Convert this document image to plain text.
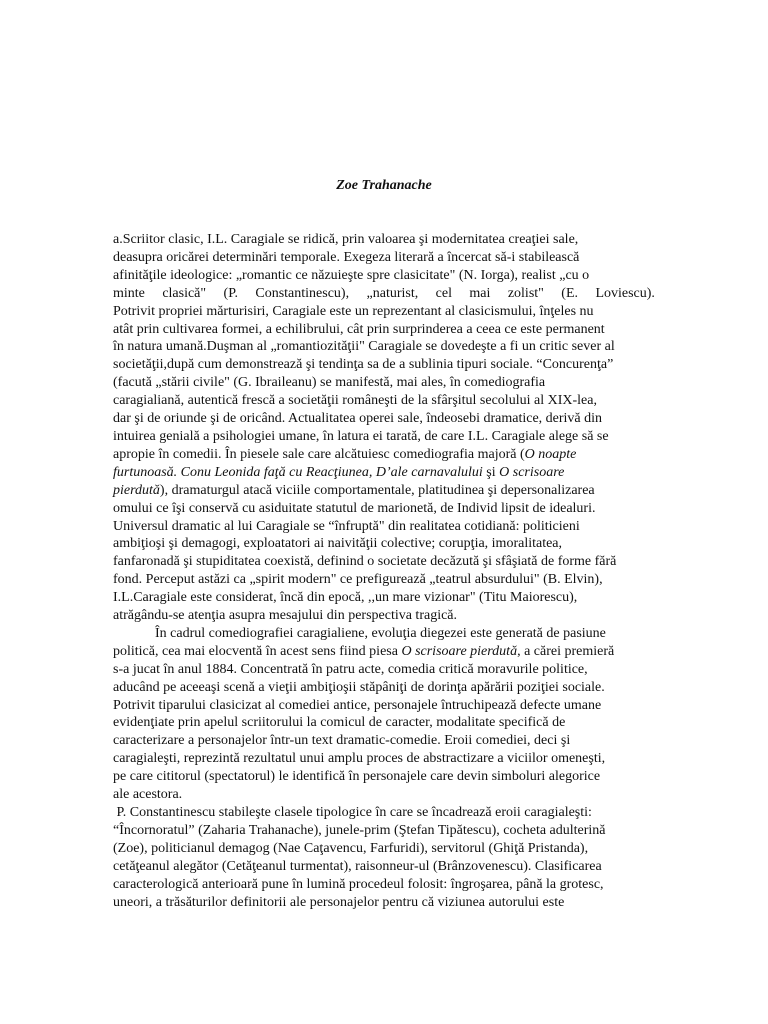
Zoe Trahanache
a.Scriitor clasic, I.L. Caragiale se ridică, prin valoarea şi modernitatea creaţiei sale,
deasupra oricărei determinări temporale. Exegeza literară a încercat să-i stabilească
afinităţile ideologice: „romantic ce năzuieşte spre clasicitate" (N. Iorga), realist „cu o
minte clasică" (P. Constantinescu), „naturist, cel mai zolist" (E. Loviescu).
Potrivit propriei mărturisiri, Caragiale este un reprezentant al clasicismului, înţeles nu
atât prin cultivarea formei, a echilibrului, cât prin surprinderea a ceea ce este permanent
în natura umană.Duşman al „romantiozităţii" Caragiale se dovedeşte a fi un critic sever al
societăţii,după cum demonstrează şi tendinţa sa de a sublinia tipuri sociale. “Concurenţa”
(facută „stării civile" (G. Ibraileanu) se manifestă, mai ales, în comediografia
caragialiană, autentică frescă a societăţii româneşti de la sfârşitul secolului al XIX-lea,
dar şi de oriunde şi de oricând. Actualitatea operei sale, îndeosebi dramatice, derivă din
intuirea genială a psihologiei umane, în latura ei tarată, de care I.L. Caragiale alege să se
apropie în comedii. În piesele sale care alcătuiesc comediografia majoră (O noapte
furtunoasă. Conu Leonida faţă cu Reacţiunea, D’ale carnavalului şi O scrisoare
pierdută), dramaturgul atacă viciile comportamentale, platitudinea şi depersonalizarea
omului ce îşi conservă cu asiduitate statutul de marionetă, de Individ lipsit de idealuri.
Universul dramatic al lui Caragiale se “înfruptă" din realitatea cotidiană: politicieni
ambiţioşi şi demagogi, exploatatori ai naivităţii colective; corupţia, imoralitatea,
fanfaronadă şi stupiditatea coexistă, definind o societate decăzută şi sfâşiată de forme fără
fond. Perceput astăzi ca „spirit modern" ce prefigurează „teatrul absurdului" (B. Elvin),
I.L.Caragiale este considerat, încă din epocă, ,,un mare vizionar" (Titu Maiorescu),
atrăgându-se atenţia asupra mesajului din perspectiva tragică.
În cadrul comediografiei caragialiene, evoluţia diegezei este generată de pasiune
politică, cea mai elocventă în acest sens fiind piesa O scrisoare pierdută, a cărei premieră
s-a jucat în anul 1884. Concentrată în patru acte, comedia critică moravurile politice,
aducând pe aceeaşi scenă a vieţii ambiţioşii stăpâniţi de dorinţa apărării poziţiei sociale.
Potrivit tiparului clasicizat al comediei antice, personajele întruchipează defecte umane
evidenţiate prin apelul scriitorului la comicul de caracter, modalitate specifică de
caracterizare a personajelor într-un text dramatic-comedie. Eroii comediei, deci şi
caragialeşti, reprezintă rezultatul unui amplu proces de abstractizare a viciilor omeneşti,
pe care cititorul (spectatorul) le identifică în personajele care devin simboluri alegorice
ale acestora.
P. Constantinescu stabileşte clasele tipologice în care se încadrează eroii caragialeşti:
“Încornoratul” (Zaharia Trahanache), junele-prim (Ştefan Tipătescu), cocheta adulterină
(Zoe), politicianul demagog (Nae Caţavencu, Farfuridi), servitorul (Ghiţă Pristanda),
cetăţeanul alegător (Cetăţeanul turmentat), raisonneur-ul (Brânzovenescu). Clasificarea
caracterologică anterioară pune în lumină procedeul folosit: îngroşarea, până la grotesc,
uneori, a trăsăturilor definitorii ale personajelor pentru că viziunea autorului este
